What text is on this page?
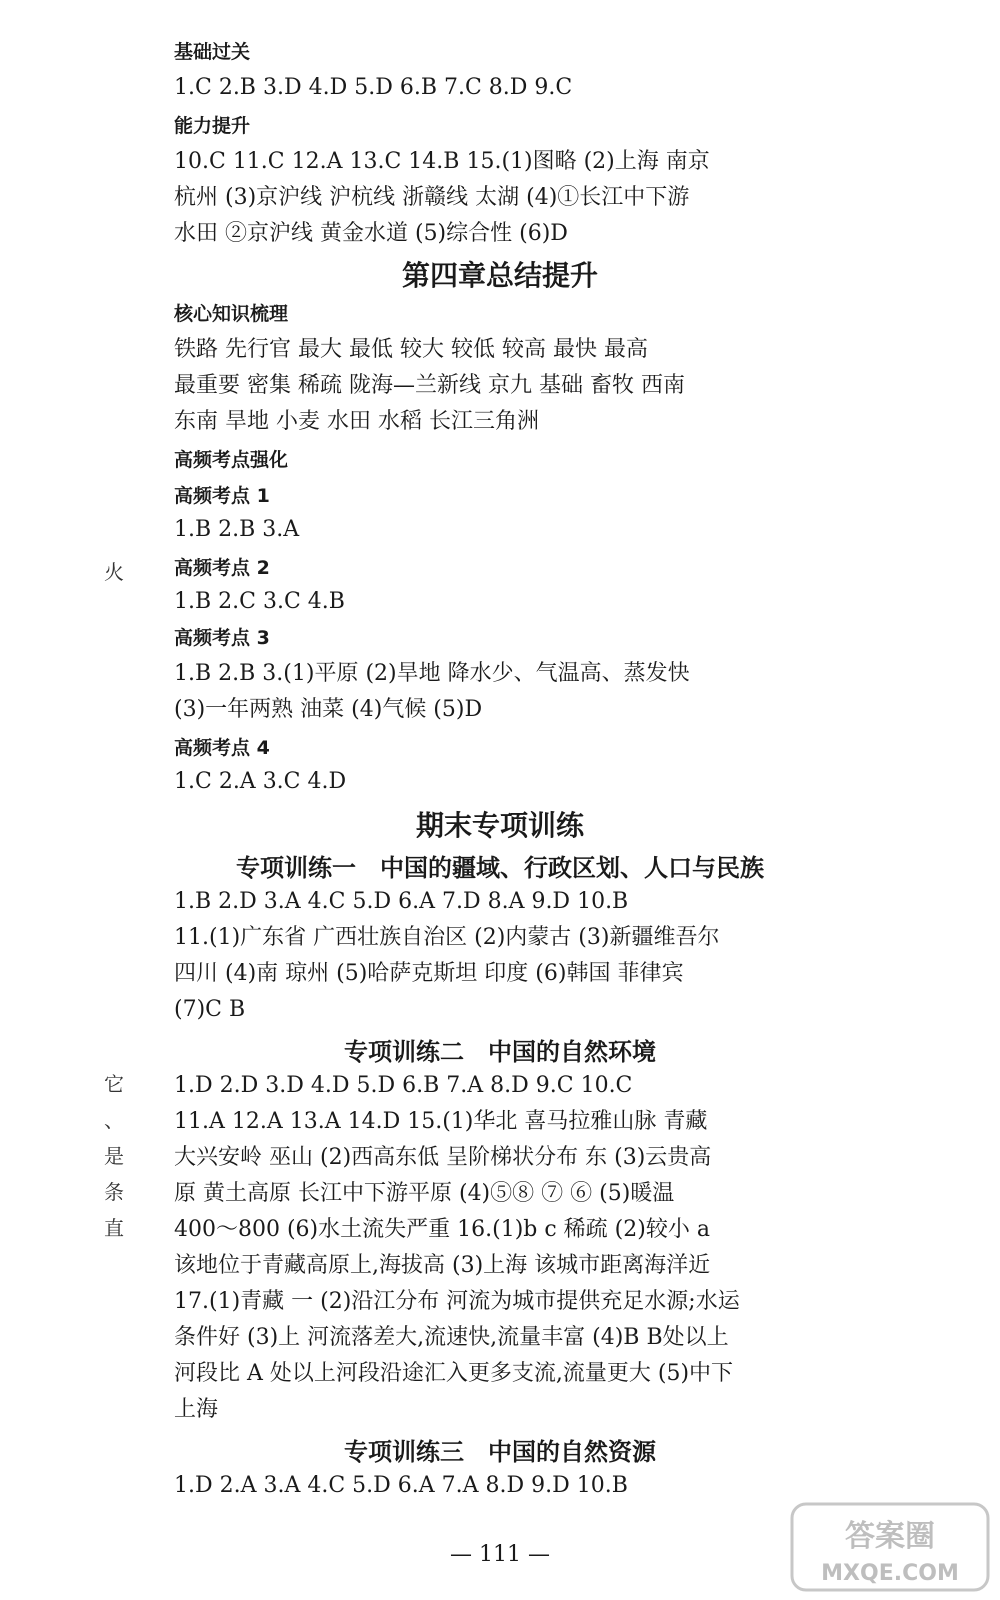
基础过关
1.C 2.B 3.D 4.D 5.D 6.B 7.C 8.D 9.C
能力提升
10.C 11.C 12.A 13.C 14.B 15.(1)图略 (2)上海 南京
杭州 (3)京沪线 沪杭线 浙赣线 太湖 (4)①长江中下游
水田 ②京沪线 黄金水道 (5)综合性 (6)D
第四章总结提升
核心知识梳理
铁路 先行官 最大 最低 较大 较低 较高 最快 最高
最重要 密集 稀疏 陇海—兰新线 京九 基础 畜牧 西南
东南 旱地 小麦 水田 水稻 长江三角洲
高频考点强化
高频考点 1
1.B 2.B 3.A
高频考点 2
1.B 2.C 3.C 4.B
高频考点 3
1.B 2.B 3.(1)平原 (2)旱地 降水少、气温高、蒸发快
(3)一年两熟 油菜 (4)气候 (5)D
高频考点 4
1.C 2.A 3.C 4.D
期末专项训练
专项训练一　中国的疆域、行政区划、人口与民族
1.B 2.D 3.A 4.C 5.D 6.A 7.D 8.A 9.D 10.B
11.(1)广东省 广西壮族自治区 (2)内蒙古 (3)新疆维吾尔
四川 (4)南 琼州 (5)哈萨克斯坦 印度 (6)韩国 菲律宾
(7)C B
专项训练二　中国的自然环境
1.D 2.D 3.D 4.D 5.D 6.B 7.A 8.D 9.C 10.C
11.A 12.A 13.A 14.D 15.(1)华北 喜马拉雅山脉 青藏
大兴安岭 巫山 (2)西高东低 呈阶梯状分布 东 (3)云贵高
原 黄土高原 长江中下游平原 (4)⑤⑧ ⑦ ⑥ (5)暖温
400～800 (6)水土流失严重 16.(1)b c 稀疏 (2)较小 a
该地位于青藏高原上,海拔高 (3)上海 该城市距离海洋近
17.(1)青藏 一 (2)沿江分布 河流为城市提供充足水源;水运
条件好 (3)上 河流落差大,流速快,流量丰富 (4)B B处以上
河段比 A 处以上河段沿途汇入更多支流,流量更大 (5)中下
上海
专项训练三　中国的自然资源
1.D 2.A 3.A 4.C 5.D 6.A 7.A 8.D 9.D 10.B
火
它
、
是
条
直
— 111 —
答案圈
MXQE.COM
